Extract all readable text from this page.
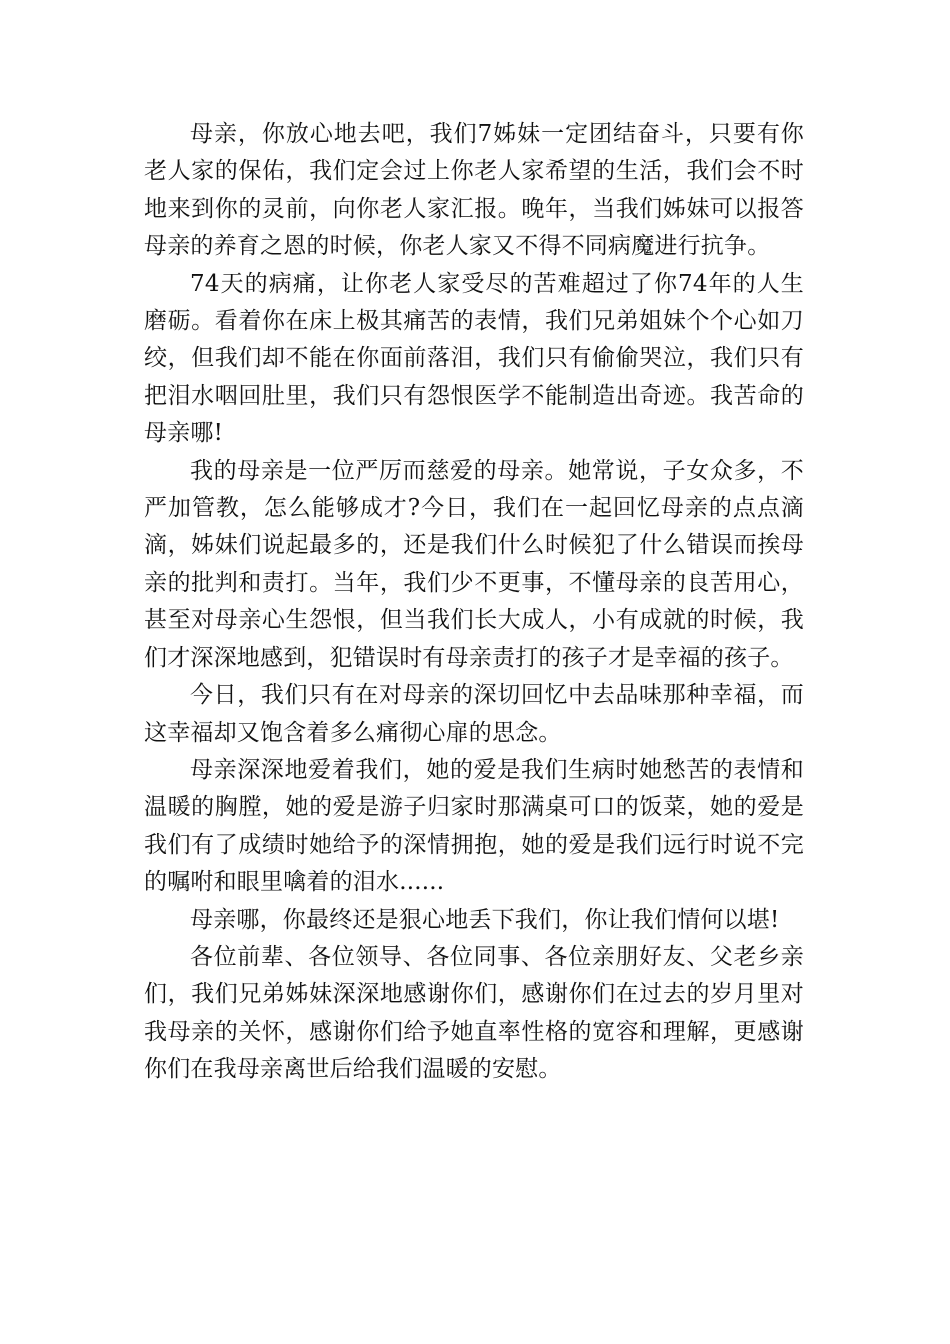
母亲，你放心地去吧，我们7姊妹一定团结奋斗，只要有你老人家的保佑，我们定会过上你老人家希望的生活，我们会不时地来到你的灵前，向你老人家汇报。晚年，当我们姊妹可以报答母亲的养育之恩的时候，你老人家又不得不同病魔进行抗争。

74天的病痛，让你老人家受尽的苦难超过了你74年的人生磨砺。看着你在床上极其痛苦的表情，我们兄弟姐妹个个心如刀绞，但我们却不能在你面前落泪，我们只有偷偷哭泣，我们只有把泪水咽回肚里，我们只有怨恨医学不能制造出奇迹。我苦命的母亲哪!

我的母亲是一位严厉而慈爱的母亲。她常说，子女众多，不严加管教，怎么能够成才?今日，我们在一起回忆母亲的点点滴滴，姊妹们说起最多的，还是我们什么时候犯了什么错误而挨母亲的批判和责打。当年，我们少不更事，不懂母亲的良苦用心，甚至对母亲心生怨恨，但当我们长大成人，小有成就的时候，我们才深深地感到，犯错误时有母亲责打的孩子才是幸福的孩子。

今日，我们只有在对母亲的深切回忆中去品味那种幸福，而这幸福却又饱含着多么痛彻心扉的思念。

母亲深深地爱着我们，她的爱是我们生病时她愁苦的表情和温暖的胸膛，她的爱是游子归家时那满桌可口的饭菜，她的爱是我们有了成绩时她给予的深情拥抱，她的爱是我们远行时说不完的嘱咐和眼里噙着的泪水......

母亲哪，你最终还是狠心地丢下我们，你让我们情何以堪!

各位前辈、各位领导、各位同事、各位亲朋好友、父老乡亲们，我们兄弟姊妹深深地感谢你们，感谢你们在过去的岁月里对我母亲的关怀，感谢你们给予她直率性格的宽容和理解，更感谢你们在我母亲离世后给我们温暖的安慰。
